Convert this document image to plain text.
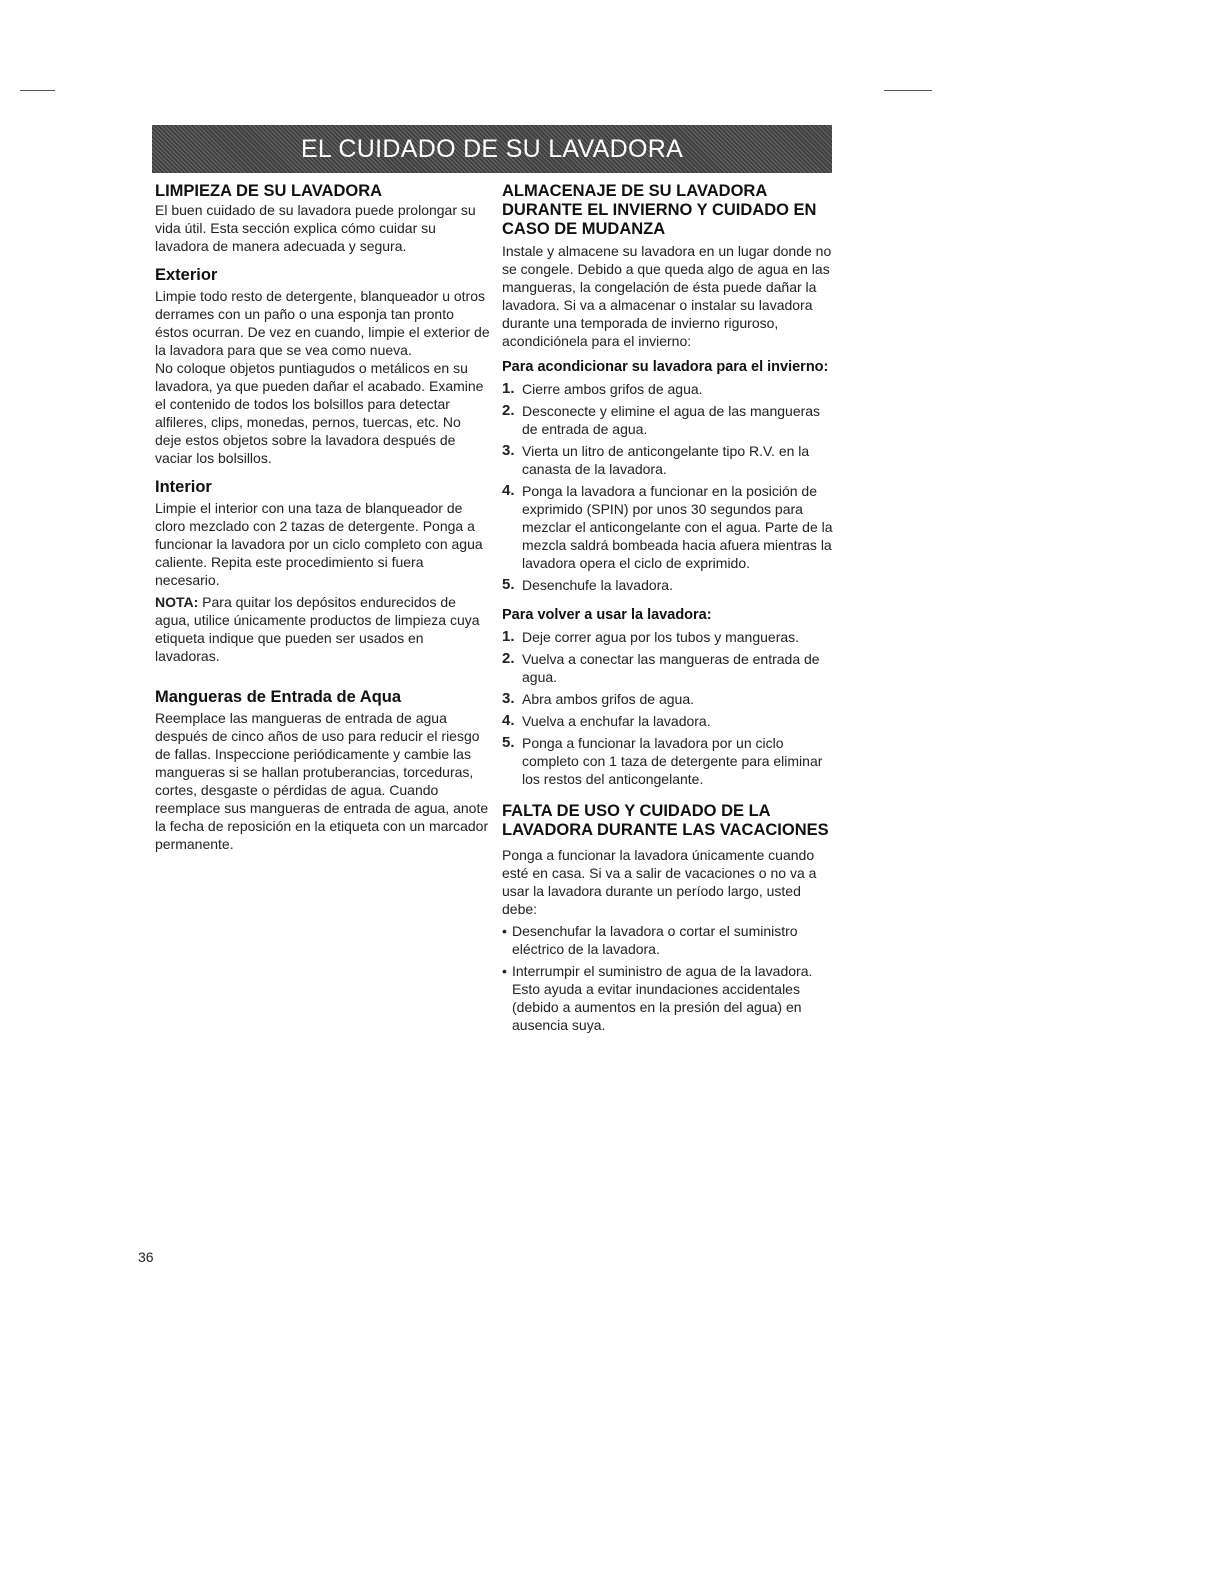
EL CUIDADO DE SU LAVADORA
LIMPIEZA DE SU LAVADORA

El buen cuidado de su lavadora puede prolongar su vida útil. Esta sección explica cómo cuidar su lavadora de manera adecuada y segura.

Exterior

Limpie todo resto de detergente, blanqueador u otros derrames con un paño o una esponja tan pronto éstos ocurran. De vez en cuando, limpie el exterior de la lavadora para que se vea como nueva.

No coloque objetos puntiagudos o metálicos en su lavadora, ya que pueden dañar el acabado. Examine el contenido de todos los bolsillos para detectar alfileres, clips, monedas, pernos, tuercas, etc. No deje estos objetos sobre la lavadora después de vaciar los bolsillos.

Interior

Limpie el interior con una taza de blanqueador de cloro mezclado con 2 tazas de detergente. Ponga a funcionar la lavadora por un ciclo completo con agua caliente. Repita este procedimiento si fuera necesario.

NOTA: Para quitar los depósitos endurecidos de agua, utilice únicamente productos de limpieza cuya etiqueta indique que pueden ser usados en lavadoras.

Mangueras de Entrada de Aqua

Reemplace las mangueras de entrada de agua después de cinco años de uso para reducir el riesgo de fallas. Inspeccione periódicamente y cambie las mangueras si se hallan protuberancias, torceduras, cortes, desgaste o pérdidas de agua. Cuando reemplace sus mangueras de entrada de agua, anote la fecha de reposición en la etiqueta con un marcador permanente.

ALMACENAJE DE SU LAVADORA DURANTE EL INVIERNO Y CUIDADO EN CASO DE MUDANZA

Instale y almacene su lavadora en un lugar donde no se congele. Debido a que queda algo de agua en las mangueras, la congelación de ésta puede dañar la lavadora. Si va a almacenar o instalar su lavadora durante una temporada de invierno riguroso, acondiciónela para el invierno:

Para acondicionar su lavadora para el invierno:
1. Cierre ambos grifos de agua.
2. Desconecte y elimine el agua de las mangueras de entrada de agua.
3. Vierta un litro de anticongelante tipo R.V. en la canasta de la lavadora.
4. Ponga la lavadora a funcionar en la posición de exprimido (SPIN) por unos 30 segundos para mezclar el anticongelante con el agua. Parte de la mezcla saldrá bombeada hacia afuera mientras la lavadora opera el ciclo de exprimido.
5. Desenchufe la lavadora.
Para volver a usar la lavadora:
1. Deje correr agua por los tubos y mangueras.
2. Vuelva a conectar las mangueras de entrada de agua.
3. Abra ambos grifos de agua.
4. Vuelva a enchufar la lavadora.
5. Ponga a funcionar la lavadora por un ciclo completo con 1 taza de detergente para eliminar los restos del anticongelante.
FALTA DE USO Y CUIDADO DE LA LAVADORA DURANTE LAS VACACIONES

Ponga a funcionar la lavadora únicamente cuando esté en casa. Si va a salir de vacaciones o no va a usar la lavadora durante un período largo, usted debe:

• Desenchufar la lavadora o cortar el suministro eléctrico de la lavadora.
• Interrumpir el suministro de agua de la lavadora. Esto ayuda a evitar inundaciones accidentales (debido a aumentos en la presión del agua) en ausencia suya.
36
